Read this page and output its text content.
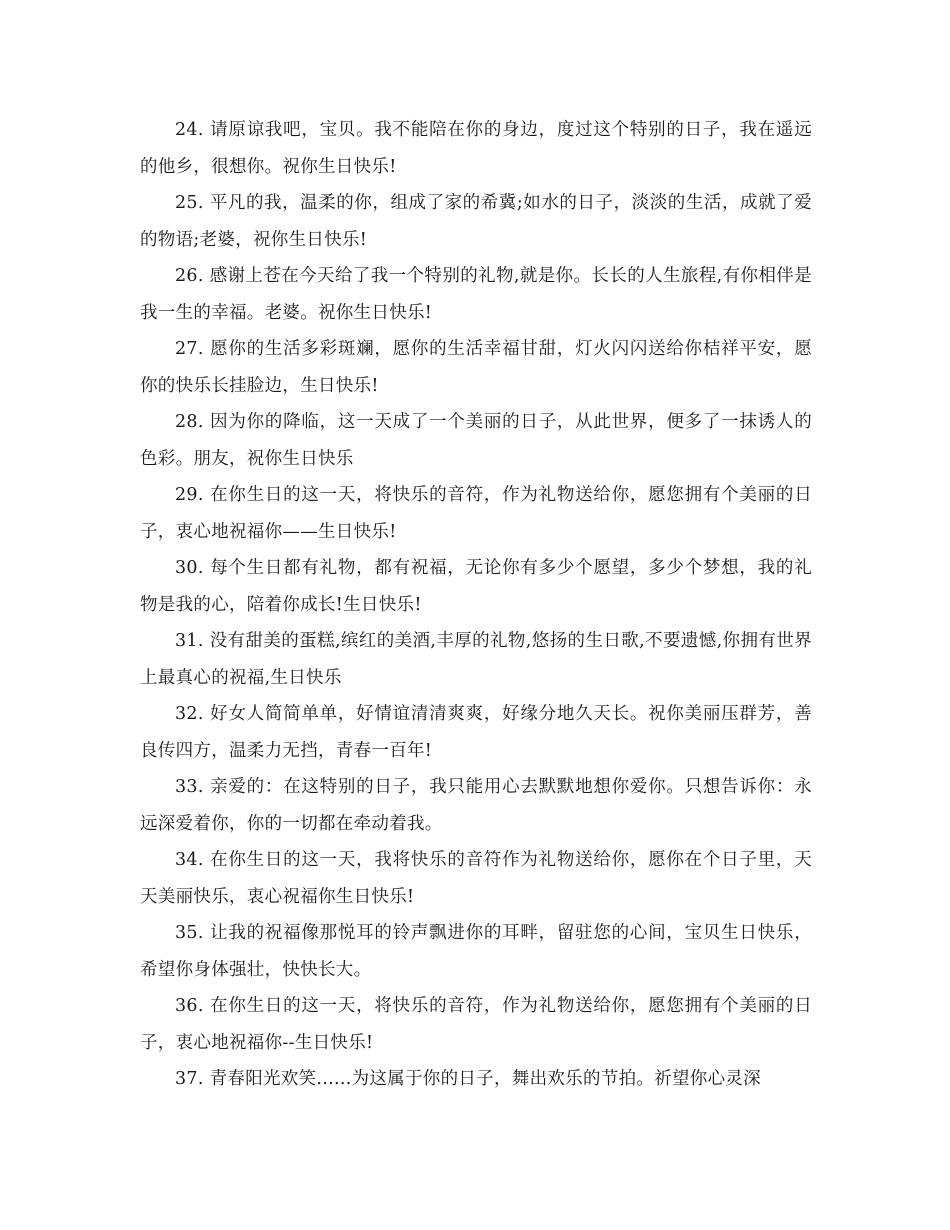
24. 请原谅我吧，宝贝。我不能陪在你的身边，度过这个特别的日子，我在遥远的他乡，很想你。祝你生日快乐!

25. 平凡的我，温柔的你，组成了家的希冀;如水的日子，淡淡的生活，成就了爱的物语;老婆，祝你生日快乐!

26. 感谢上苍在今天给了我一个特别的礼物,就是你。长长的人生旅程,有你相伴是我一生的幸福。老婆。祝你生日快乐!

27. 愿你的生活多彩斑斓，愿你的生活幸福甘甜，灯火闪闪送给你桔祥平安，愿你的快乐长挂脸边，生日快乐!

28. 因为你的降临，这一天成了一个美丽的日子，从此世界，便多了一抹诱人的色彩。朋友，祝你生日快乐

29. 在你生日的这一天，将快乐的音符，作为礼物送给你，愿您拥有个美丽的日子，衷心地祝福你——生日快乐!

30. 每个生日都有礼物，都有祝福，无论你有多少个愿望，多少个梦想，我的礼物是我的心，陪着你成长!生日快乐!

31. 没有甜美的蛋糕,缤红的美酒,丰厚的礼物,悠扬的生日歌,不要遗憾,你拥有世界上最真心的祝福,生日快乐

32. 好女人简简单单，好情谊清清爽爽，好缘分地久天长。祝你美丽压群芳，善良传四方，温柔力无挡，青春一百年!

33. 亲爱的：在这特别的日子，我只能用心去默默地想你爱你。只想告诉你：永远深爱着你，你的一切都在牵动着我。

34. 在你生日的这一天，我将快乐的音符作为礼物送给你，愿你在个日子里，天天美丽快乐，衷心祝福你生日快乐!

35. 让我的祝福像那悦耳的铃声飘进你的耳畔，留驻您的心间，宝贝生日快乐，希望你身体强壮，快快长大。

36. 在你生日的这一天，将快乐的音符，作为礼物送给你，愿您拥有个美丽的日子，衷心地祝福你--生日快乐!

37. 青春阳光欢笑......为这属于你的日子，舞出欢乐的节拍。祈望你心灵深
